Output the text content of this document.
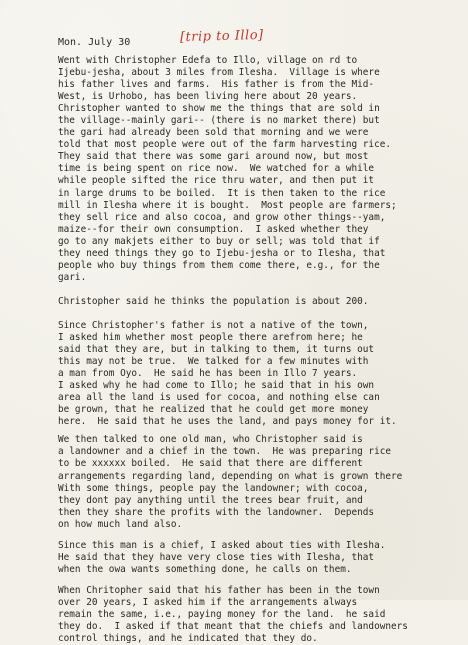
Mon. July 30	[trip to Illo]

Went with Christopher Edefa to Illo, village on rd to
Ijebu-jesha, about 3 miles from Ilesha.  Village is where
his father lives and farms.  His father is from the Mid-
West, is Urhobo, has been living here about 20 years.
Christopher wanted to show me the things that are sold in
the village--mainly gari-- (there is no market there) but
the gari had already been sold that morning and we were
told that most people were out of the farm harvesting rice.
They said that there was some gari around now, but most
time is being spent on rice now.  We watched for a while
while people sifted the rice thru water, and then put it
in large drums to be boiled.  It is then taken to the rice
mill in Ilesha where it is bought.  Most people are farmers;
they sell rice and also cocoa, and grow other things--yam,
maize--for their own consumption.  I asked whether they
go to any makjets either to buy or sell; was told that if
they need things they go to Ijebu-jesha or to Ilesha, that
people who buy things from them come there, e.g., for the
gari.

Christopher said he thinks the population is about 200.

Since Christopher's father is not a native of the town,
I asked him whether most people there arefrom here; he
said that they are, but in talking to them, it turns out
this may not be true.  We talked for a few minutes with
a man from Oyo.  He said he has been in Illo 7 years.
I asked why he had come to Illo; he said that in his own
area all the land is used for cocoa, and nothing else can
be grown, that he realized that he could get more money
here.  He said that he uses the land, and pays money for it.

We then talked to one old man, who Christopher said is
a landowner and a chief in the town.  He was preparing rice
to be xxxxxx boiled.  He said that there are different
arrangements regarding land, depending on what is grown there
With some things, people pay the landowner; with cocoa,
they dont pay anything until the trees bear fruit, and
then they share the profits with the landowner.  Depends
on how much land also.

Since this man is a chief, I asked about ties with Ilesha.
He said that they have very close ties with Ilesha, that
when the owa wants something done, he calls on them.

When Chritopher said that his father has been in the town
over 20 years, I asked him if the arrangements always
remain the same, i.e., paying money for the land.  he said
they do.  I asked if that meant that the chiefs and landowners
control things, and he indicated that they do.
